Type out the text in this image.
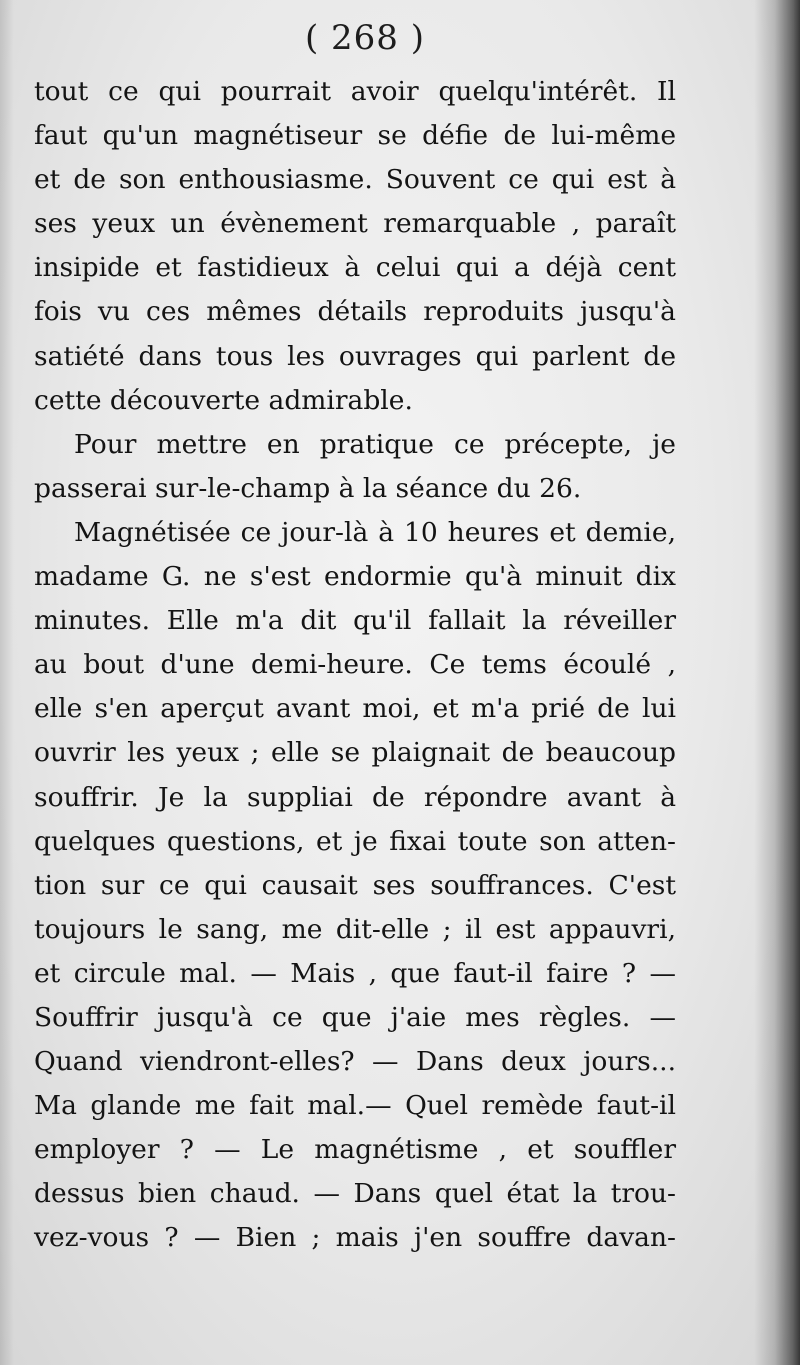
( 268 )
tout ce qui pourrait avoir quelqu'intérêt. Il
faut qu'un magnétiseur se défie de lui-même
et de son enthousiasme. Souvent ce qui est à
ses yeux un évènement remarquable , paraît
insipide et fastidieux à celui qui a déjà cent
fois vu ces mêmes détails reproduits jusqu'à
satiété dans tous les ouvrages qui parlent de
cette découverte admirable.
Pour mettre en pratique ce précepte, je
passerai sur-le-champ à la séance du 26.
Magnétisée ce jour-là à 10 heures et demie,
madame G. ne s'est endormie qu'à minuit dix
minutes. Elle m'a dit qu'il fallait la réveiller
au bout d'une demi-heure. Ce tems écoulé ,
elle s'en aperçut avant moi, et m'a prié de lui
ouvrir les yeux ; elle se plaignait de beaucoup
souffrir. Je la suppliai de répondre avant à
quelques questions, et je fixai toute son atten-
tion sur ce qui causait ses souffrances. C'est
toujours le sang, me dit-elle ; il est appauvri,
et circule mal. — Mais , que faut-il faire ? —
Souffrir jusqu'à ce que j'aie mes règles. —
Quand viendront-elles? — Dans deux jours...
Ma glande me fait mal.— Quel remède faut-il
employer ? — Le magnétisme , et souffler
dessus bien chaud. — Dans quel état la trou-
vez-vous ? — Bien ; mais j'en souffre davan-
